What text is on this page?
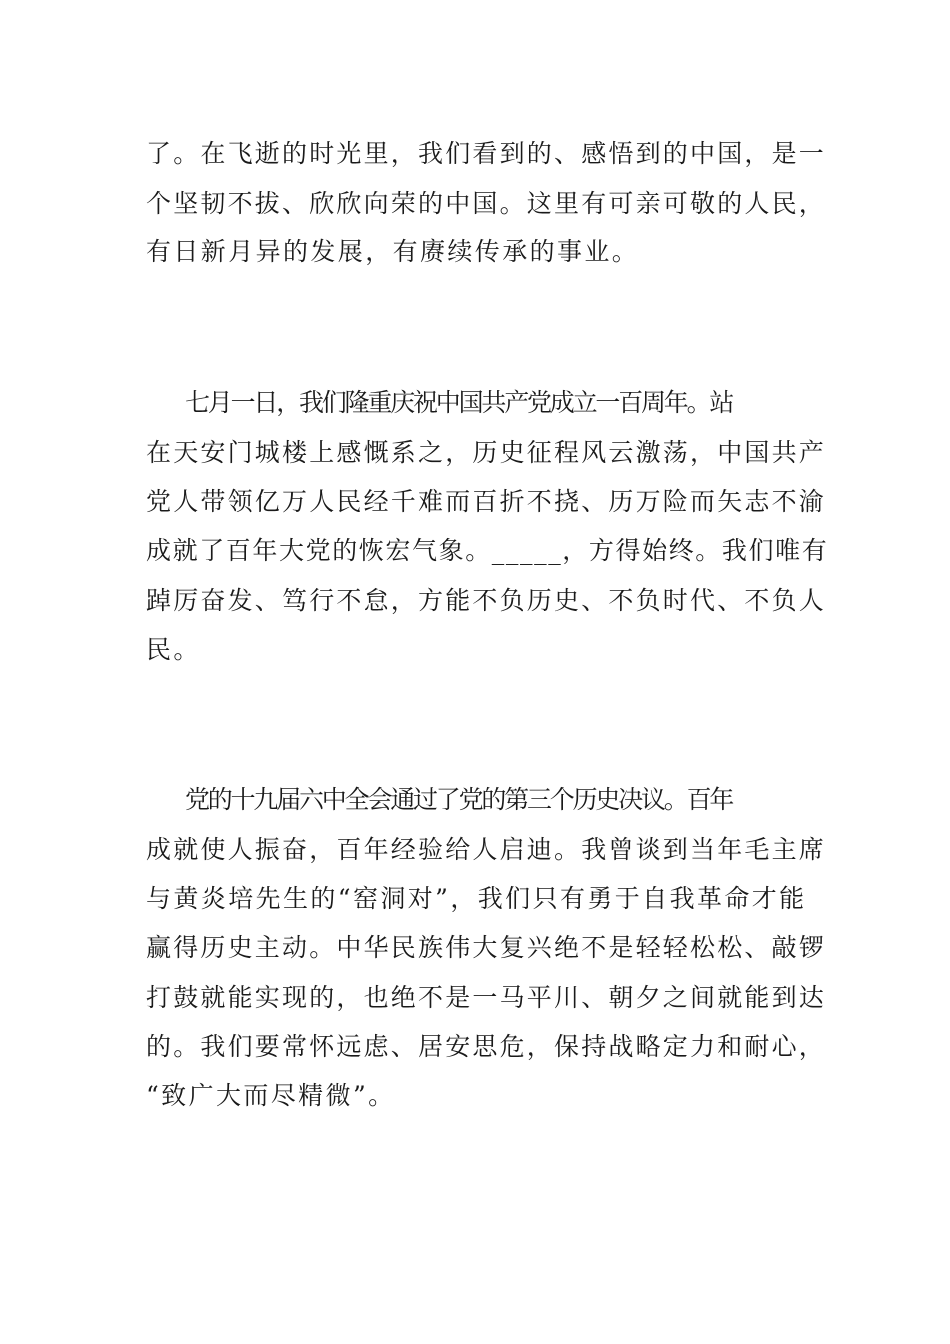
了。在飞逝的时光里，我们看到的、感悟到的中国，是一

个坚韧不拔、欣欣向荣的中国。这里有可亲可敬的人民，

有日新月异的发展，有赓续传承的事业。

七月一日，我们隆重庆祝中国共产党成立一百周年。站

在天安门城楼上感慨系之，历史征程风云激荡，中国共产

党人带领亿万人民经千难而百折不挠、历万险而矢志不渝

成就了百年大党的恢宏气象。_____，方得始终。我们唯有

踔厉奋发、笃行不怠，方能不负历史、不负时代、不负人

民。

党的十九届六中全会通过了党的第三个历史决议。百年

成就使人振奋，百年经验给人启迪。我曾谈到当年毛主席

与黄炎培先生的“窑洞对”，我们只有勇于自我革命才能

赢得历史主动。中华民族伟大复兴绝不是轻轻松松、敲锣

打鼓就能实现的，也绝不是一马平川、朝夕之间就能到达

的。我们要常怀远虑、居安思危，保持战略定力和耐心，

“致广大而尽精微”。
